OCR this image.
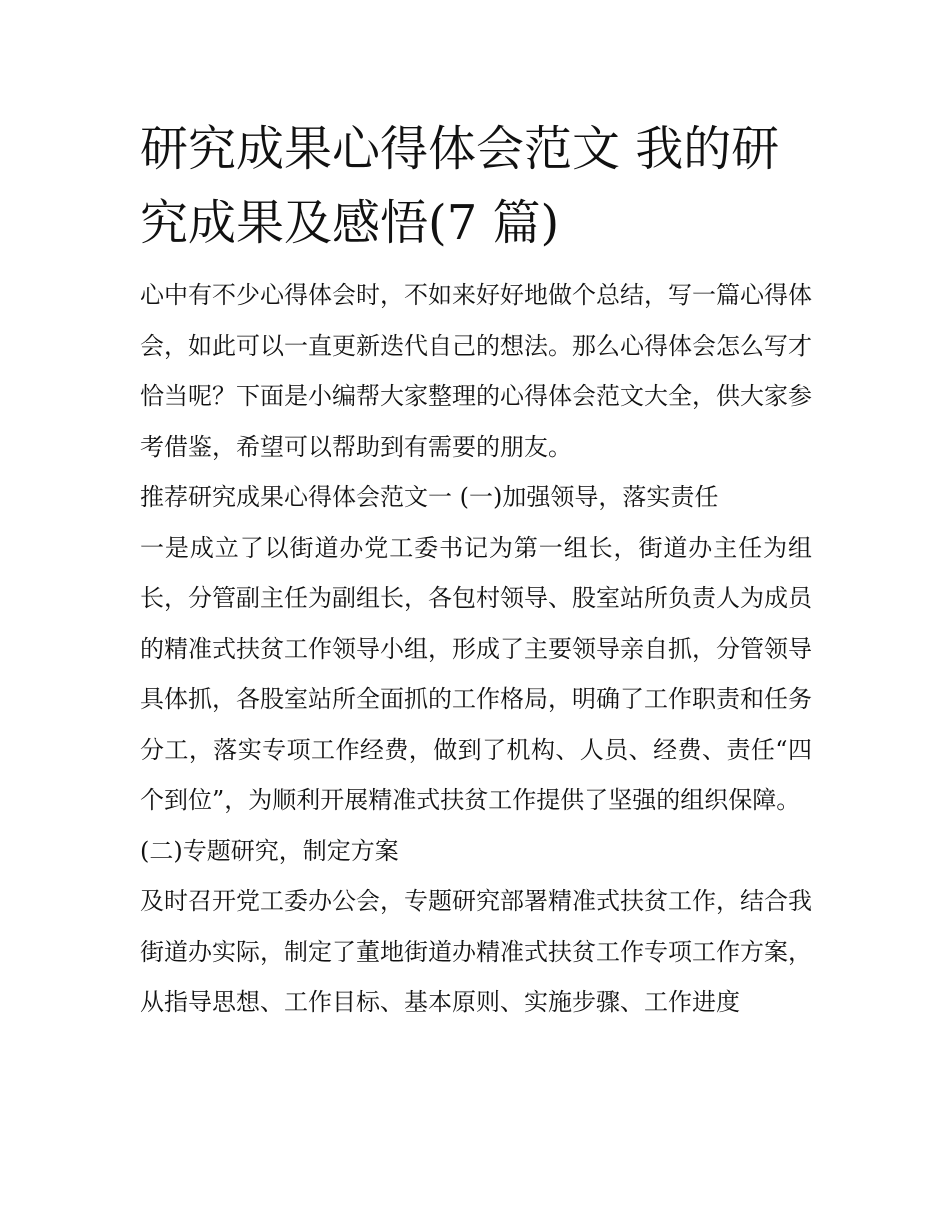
研究成果心得体会范文 我的研究成果及感悟(7 篇)

心中有不少心得体会时，不如来好好地做个总结，写一篇心得体会，如此可以一直更新迭代自己的想法。那么心得体会怎么写才恰当呢？下面是小编帮大家整理的心得体会范文大全，供大家参考借鉴，希望可以帮助到有需要的朋友。

推荐研究成果心得体会范文一 (一)加强领导，落实责任

一是成立了以街道办党工委书记为第一组长，街道办主任为组长，分管副主任为副组长，各包村领导、股室站所负责人为成员的精准式扶贫工作领导小组，形成了主要领导亲自抓，分管领导具体抓，各股室站所全面抓的工作格局，明确了工作职责和任务分工，落实专项工作经费，做到了机构、人员、经费、责任“四个到位”，为顺利开展精准式扶贫工作提供了坚强的组织保障。

(二)专题研究，制定方案

及时召开党工委办公会，专题研究部署精准式扶贫工作，结合我街道办实际，制定了董地街道办精准式扶贫工作专项工作方案，从指导思想、工作目标、基本原则、实施步骤、工作进度
